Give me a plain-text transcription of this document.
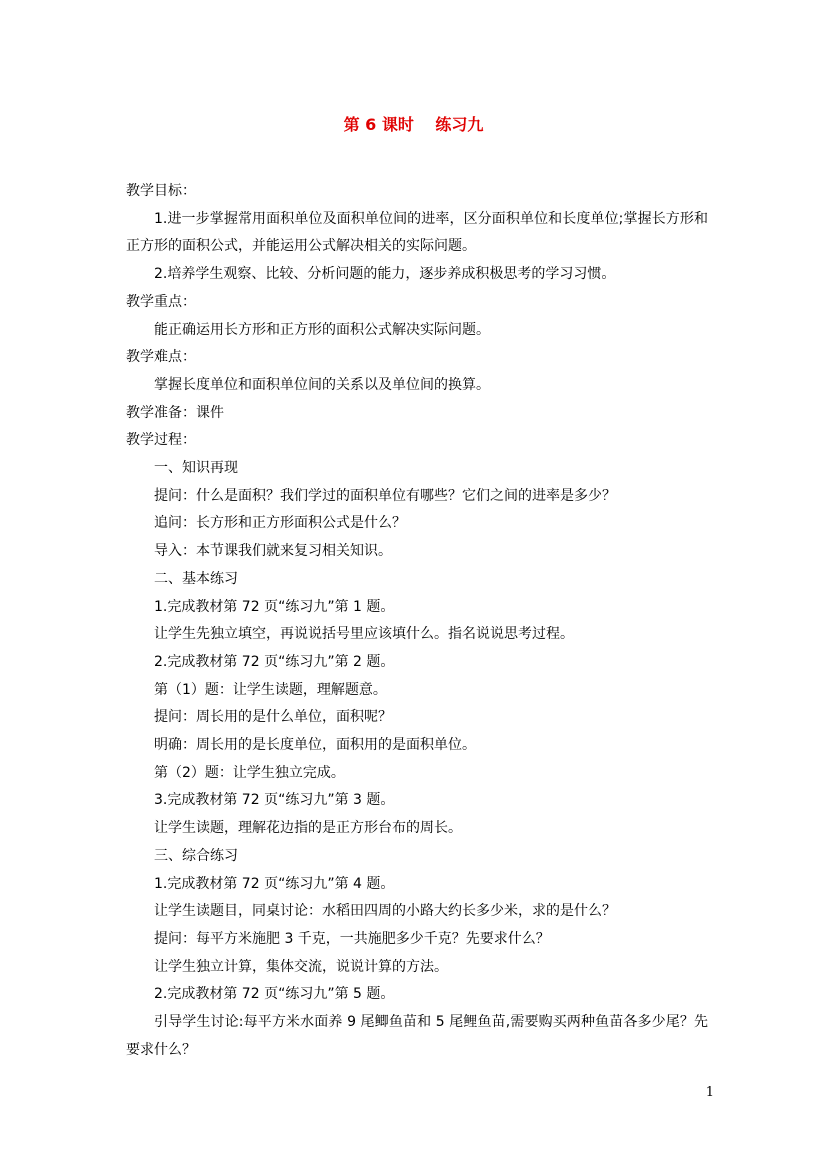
第 6 课时　 练习九

教学目标：

1.进一步掌握常用面积单位及面积单位间的进率，区分面积单位和长度单位;掌握长方形和正方形的面积公式，并能运用公式解决相关的实际问题。

2.培养学生观察、比较、分析问题的能力，逐步养成积极思考的学习习惯。

教学重点：

能正确运用长方形和正方形的面积公式解决实际问题。

教学难点：

掌握长度单位和面积单位间的关系以及单位间的换算。

教学准备：课件

教学过程：

一、知识再现

提问：什么是面积？我们学过的面积单位有哪些？它们之间的进率是多少？

追问：长方形和正方形面积公式是什么？

导入：本节课我们就来复习相关知识。

二、基本练习

1.完成教材第 72 页“练习九”第 1 题。

让学生先独立填空，再说说括号里应该填什么。指名说说思考过程。

2.完成教材第 72 页“练习九”第 2 题。

第（1）题：让学生读题，理解题意。

提问：周长用的是什么单位，面积呢？

明确：周长用的是长度单位，面积用的是面积单位。

第（2）题：让学生独立完成。

3.完成教材第 72 页“练习九”第 3 题。

让学生读题，理解花边指的是正方形台布的周长。

三、综合练习

1.完成教材第 72 页“练习九”第 4 题。

让学生读题目，同桌讨论：水稻田四周的小路大约长多少米，求的是什么？

提问：每平方米施肥 3 千克，一共施肥多少千克？先要求什么？

让学生独立计算，集体交流，说说计算的方法。

2.完成教材第 72 页“练习九”第 5 题。

引导学生讨论:每平方米水面养 9 尾鲫鱼苗和 5 尾鲤鱼苗,需要购买两种鱼苗各多少尾？先要求什么？

1
